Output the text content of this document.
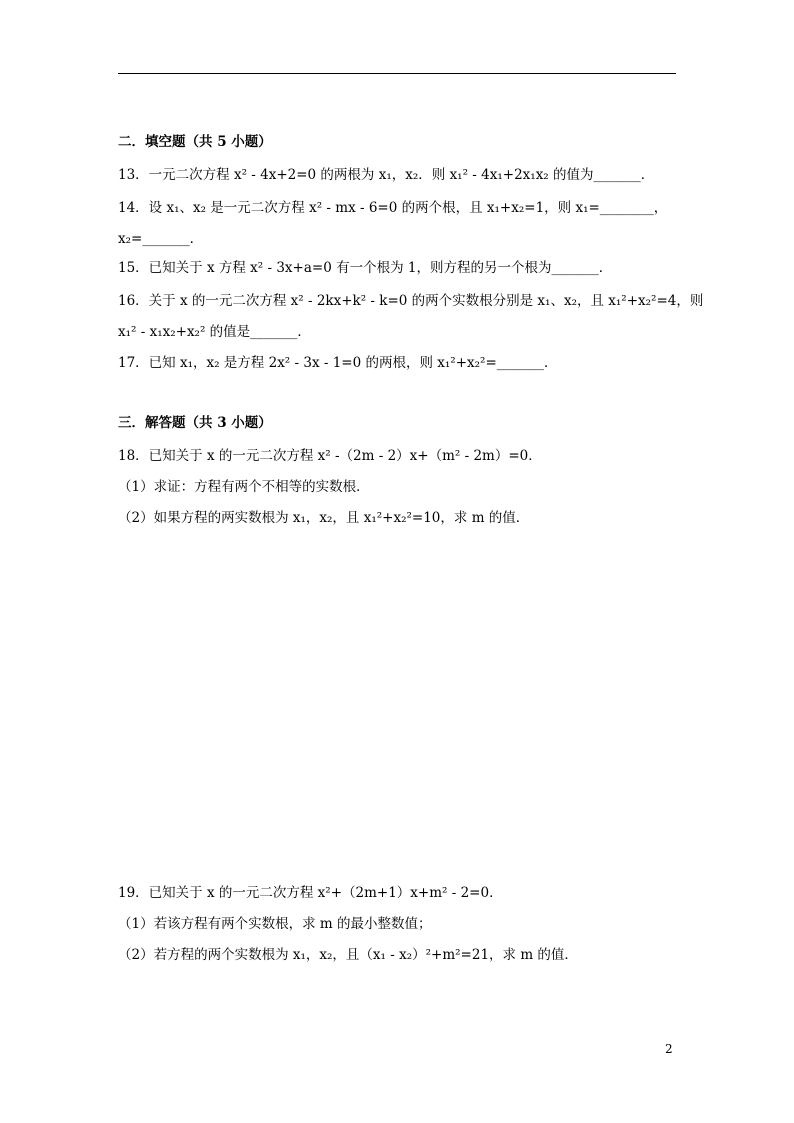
二．填空题（共 5 小题）
13．一元二次方程 x² - 4x+2=0 的两根为 x₁，x₂．则 x₁² - 4x₁+2x₁x₂ 的值为_______．
14．设 x₁、x₂ 是一元二次方程 x² - mx - 6=0 的两个根，且 x₁+x₂=1，则 x₁=________，
x₂=_______．
15．已知关于 x 方程 x² - 3x+a=0 有一个根为 1，则方程的另一个根为_______．
16．关于 x 的一元二次方程 x² - 2kx+k² - k=0 的两个实数根分别是 x₁、x₂，且 x₁²+x₂²=4，则
x₁² - x₁x₂+x₂² 的值是_______．
17．已知 x₁，x₂ 是方程 2x² - 3x - 1=0 的两根，则 x₁²+x₂²=_______．
三．解答题（共 3 小题）
18．已知关于 x 的一元二次方程 x² -（2m - 2）x+（m² - 2m）=0．
（1）求证：方程有两个不相等的实数根．
（2）如果方程的两实数根为 x₁，x₂，且 x₁²+x₂²=10，求 m 的值．
19．已知关于 x 的一元二次方程 x²+（2m+1）x+m² - 2=0．
（1）若该方程有两个实数根，求 m 的最小整数值；
（2）若方程的两个实数根为 x₁，x₂，且（x₁ - x₂）²+m²=21，求 m 的值．
2
